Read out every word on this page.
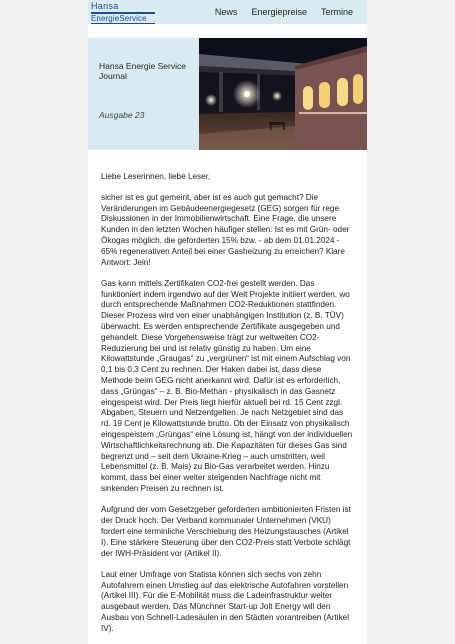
Hansa
EnergieService
News Energiepreise Termine
Hansa Energie Service Journal
Ausgabe 23

Liebe Leserinnen, liebe Leser,

sicher ist es gut gemeint, aber ist es auch gut gemacht? Die Veränderungen im Gebäudeenergiegesetz (GEG) sorgen für rege Diskussionen in der Immobilienwirtschaft. Eine Frage, die unsere Kunden in den letzten Wochen häufiger stellen: Ist es mit Grün- oder Ökogas möglich, die geforderten 15% bzw. - ab dem 01.01.2024 - 65% regenerativen Anteil bei einer Gasheizung zu erreichen? Klare Antwort: Jein!

Gas kann mittels Zertifikaten CO2-frei gestellt werden. Das funktioniert indem irgendwo auf der Welt Projekte initiiert werden, wo durch entsprechende Maßnahmen CO2-Reduktionen stattfinden. Dieser Prozess wird von einer unabhängigen Institution (z. B. TÜV) überwacht. Es werden entsprechende Zertifikate ausgegeben und gehandelt. Diese Vorgehensweise trägt zur weltweiten CO2-Reduzierung bei und ist relativ günstig zu haben. Um eine Kilowattstunde „Graugas“ zu „vergrünen“ ist mit einem Aufschlag von 0,1 bis 0,3 Cent zu rechnen. Der Haken dabei ist, dass diese Methode beim GEG nicht anerkannt wird. Dafür ist es erforderlich, dass „Grüngas“ – z. B. Bio-Methan - physikalisch in das Gasnetz eingespeist wird. Der Preis liegt hierfür aktuell bei rd. 15 Cent zzgl. Abgaben, Steuern und Netzentgelten. Je nach Netzgebiet sind das rd. 19 Cent je Kilowattstunde brutto. Ob der Einsatz von physikalisch eingespeistem „Grüngas“ eine Lösung ist, hängt von der individuellen Wirtschaftlichkeitsrechnung ab. Die Kapazitäten für dieses Gas sind begrenzt und – seit dem Ukraine-Krieg – auch umstritten, weil Lebensmittel (z. B. Mais) zu Bio-Gas verarbeitet werden. Hinzu kommt, dass bei einer weiter steigenden Nachfrage nicht mit sinkenden Preisen zu rechnen ist.

Aufgrund der vom Gesetzgeber geforderten ambitionierten Fristen ist der Druck hoch. Der Verband kommunaler Unternehmen (VKU) fordert eine terminliche Verschiebung des Heizungstausches (Artikel I). Eine stärkere Steuerung über den CO2-Preis statt Verbote schlägt der IWH-Präsident vor (Artikel II).

Laut einer Umfrage von Statista können sich sechs von zehn Autofahrern einen Umstieg auf das elektrische Autofahren vorstellen (Artikel III). Für die E-Mobilität muss die Ladeinfrastruktur weiter ausgebaut werden. Das Münchner Start-up Jolt Energy will den Ausbau von Schnell-Ladesäulen in den Städten vorantreiben (Artikel IV).
